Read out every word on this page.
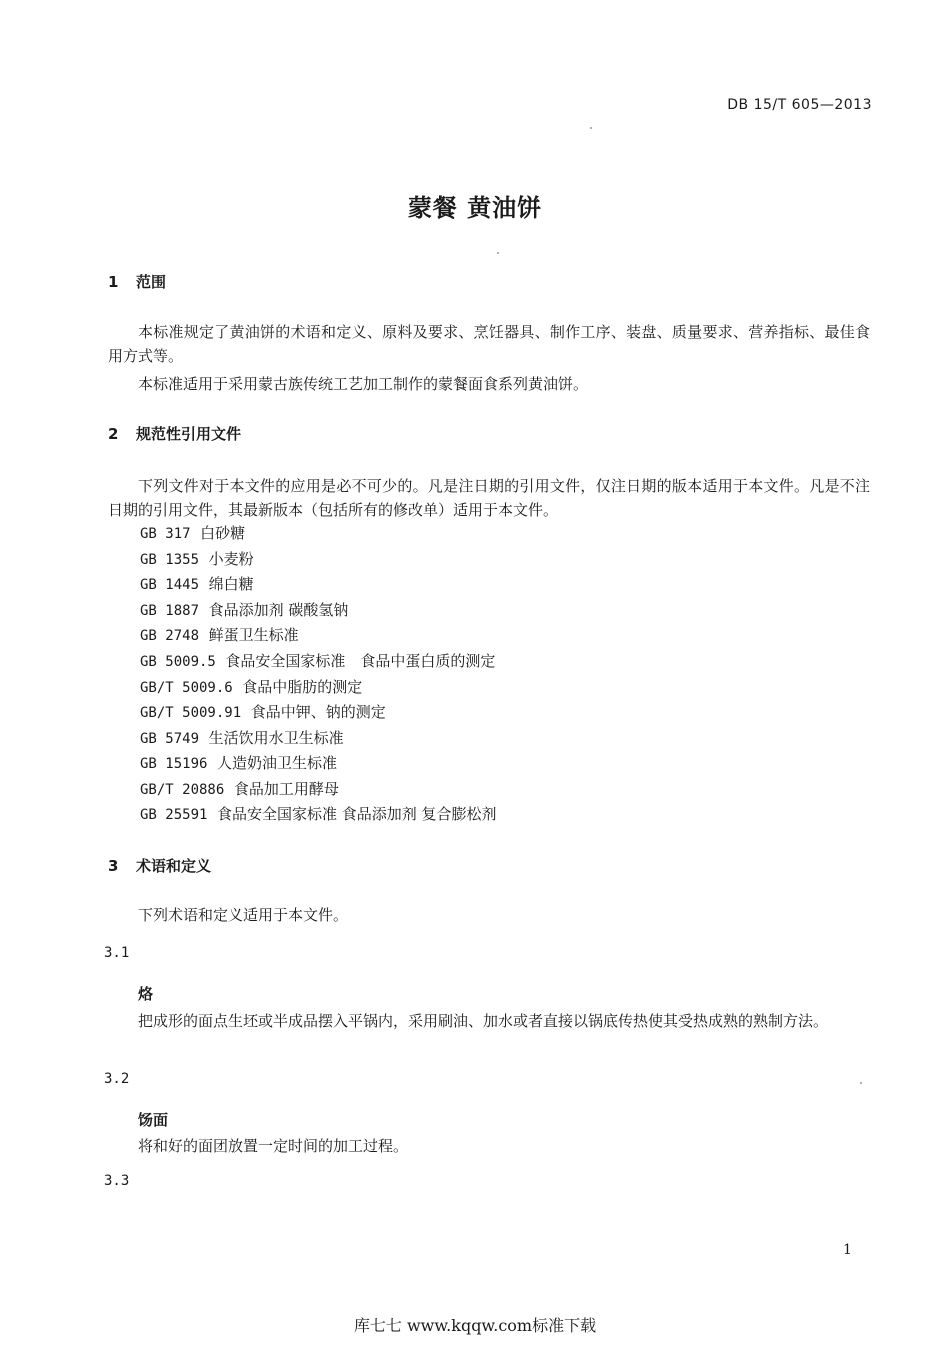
DB 15/T 605—2013
蒙餐 黄油饼
1 范围
本标准规定了黄油饼的术语和定义、原料及要求、烹饪器具、制作工序、装盘、质量要求、营养指标、最佳食用方式等。
本标准适用于采用蒙古族传统工艺加工制作的蒙餐面食系列黄油饼。
2 规范性引用文件
下列文件对于本文件的应用是必不可少的。凡是注日期的引用文件，仅注日期的版本适用于本文件。凡是不注日期的引用文件，其最新版本（包括所有的修改单）适用于本文件。
GB 317 白砂糖
GB 1355 小麦粉
GB 1445 绵白糖
GB 1887 食品添加剂 碳酸氢钠
GB 2748 鲜蛋卫生标准
GB 5009.5 食品安全国家标准　食品中蛋白质的测定
GB/T 5009.6 食品中脂肪的测定
GB/T 5009.91 食品中钾、钠的测定
GB 5749 生活饮用水卫生标准
GB 15196 人造奶油卫生标准
GB/T 20886 食品加工用酵母
GB 25591 食品安全国家标准 食品添加剂 复合膨松剂
3 术语和定义
下列术语和定义适用于本文件。
3.1
烙
把成形的面点生坯或半成品摆入平锅内，采用刷油、加水或者直接以锅底传热使其受热成熟的熟制方法。
3.2
饧面
将和好的面团放置一定时间的加工过程。
3.3
1
库七七 www.kqqw.com标准下载
